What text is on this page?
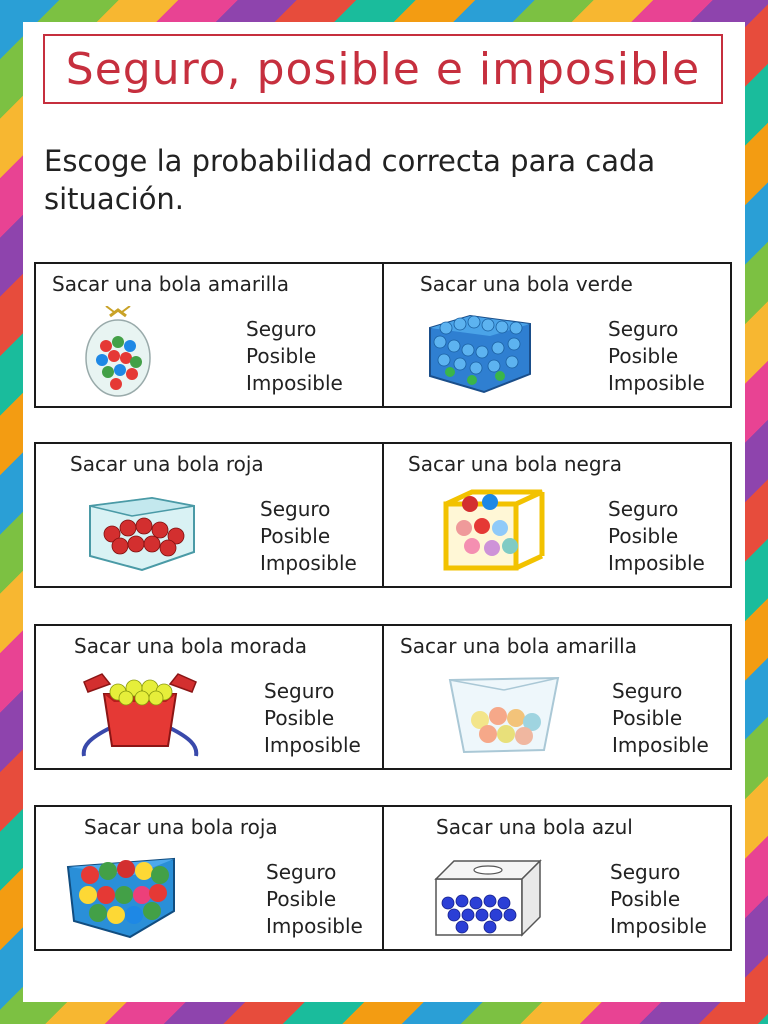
Seguro, posible e imposible
Escoge la probabilidad correcta para cada situación.
Sacar una bola amarilla
Seguro
Posible
Imposible
Sacar una bola verde
Seguro
Posible
Imposible
Sacar una bola roja
Seguro
Posible
Imposible
Sacar una bola negra
Seguro
Posible
Imposible
Sacar una bola morada
Seguro
Posible
Imposible
Sacar una bola amarilla
Seguro
Posible
Imposible
Sacar una bola roja
Seguro
Posible
Imposible
Sacar una bola azul
Seguro
Posible
Imposible
